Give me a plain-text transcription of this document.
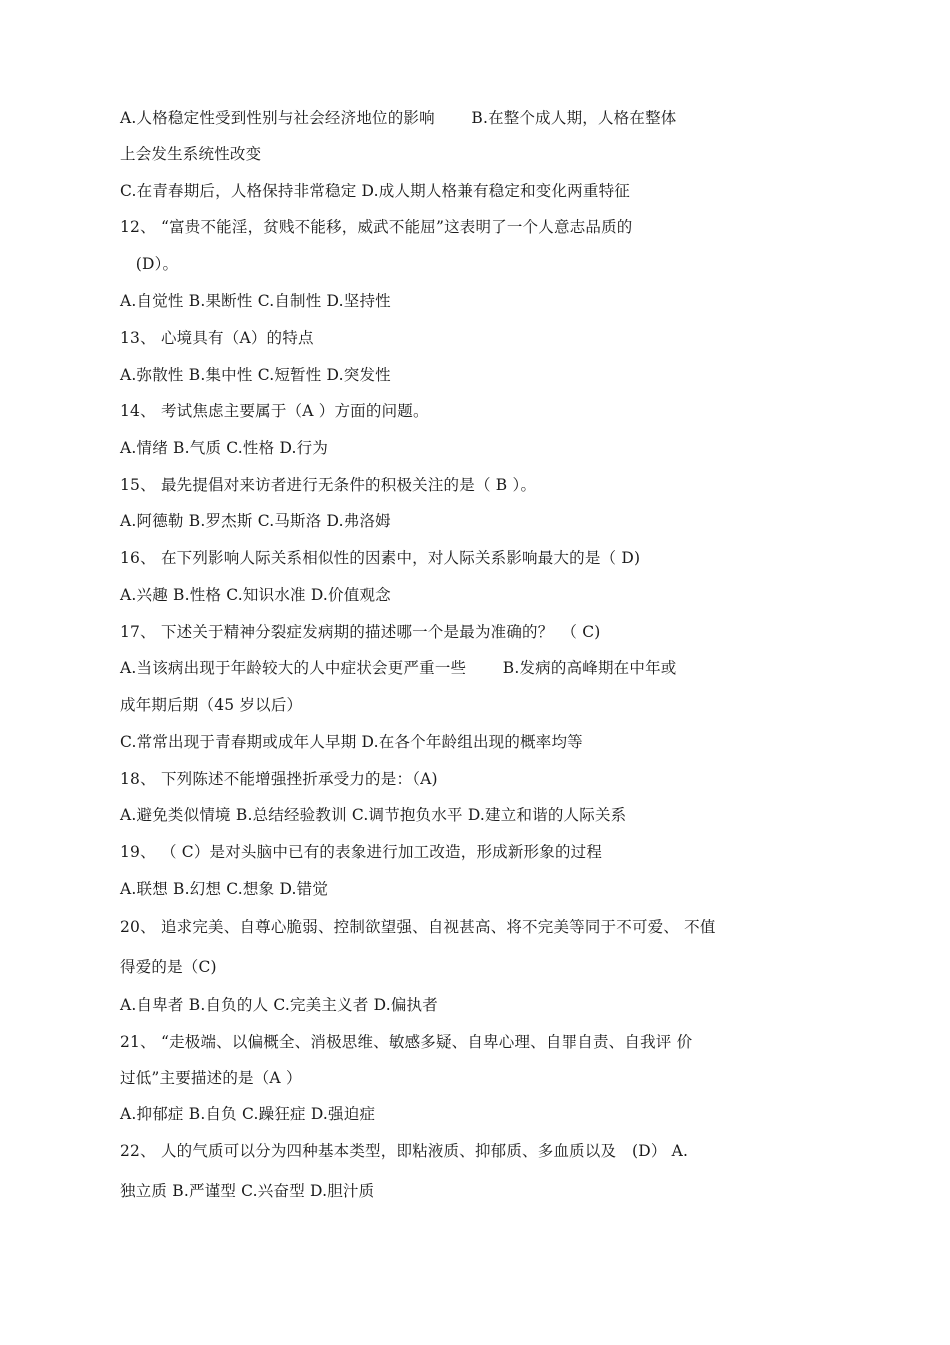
A.人格稳定性受到性别与社会经济地位的影响　　 B.在整个成人期，人格在整体
上会发生系统性改变
C.在青春期后，人格保持非常稳定 D.成人期人格兼有稳定和变化两重特征
12、 “富贵不能淫，贫贱不能移，威武不能屈”这表明了一个人意志品质的
　(D）。
A.自觉性 B.果断性 C.自制性 D.坚持性
13、 心境具有（A）的特点
A.弥散性 B.集中性 C.短暂性 D.突发性
14、 考试焦虑主要属于（A ）方面的问题。
A.情绪 B.气质 C.性格 D.行为
15、 最先提倡对来访者进行无条件的积极关注的是（ B ）。
A.阿德勒 B.罗杰斯 C.马斯洛 D.弗洛姆
16、 在下列影响人际关系相似性的因素中，对人际关系影响最大的是（ D)
A.兴趣 B.性格 C.知识水准 D.价值观念
17、 下述关于精神分裂症发病期的描述哪一个是最为准确的？　（ C)
A.当该病出现于年龄较大的人中症状会更严重一些　　 B.发病的高峰期在中年或
成年期后期（45 岁以后）
C.常常出现于青春期或成年人早期 D.在各个年龄组出现的概率均等
18、 下列陈述不能增强挫折承受力的是：（A)
A.避免类似情境 B.总结经验教训 C.调节抱负水平 D.建立和谐的人际关系
19、 （ C）是对头脑中已有的表象进行加工改造，形成新形象的过程
A.联想 B.幻想 C.想象 D.错觉
20、 追求完美、自尊心脆弱、控制欲望强、自视甚高、将不完美等同于不可爱、 不值
得爱的是（C)
A.自卑者 B.自负的人 C.完美主义者 D.偏执者
21、 “走极端、以偏概全、消极思维、敏感多疑、自卑心理、自罪自责、自我评 价
过低”主要描述的是（A ）
A.抑郁症 B.自负 C.躁狂症 D.强迫症
22、 人的气质可以分为四种基本类型，即粘液质、抑郁质、多血质以及　(D） A.
独立质 B.严谨型 C.兴奋型 D.胆汁质
